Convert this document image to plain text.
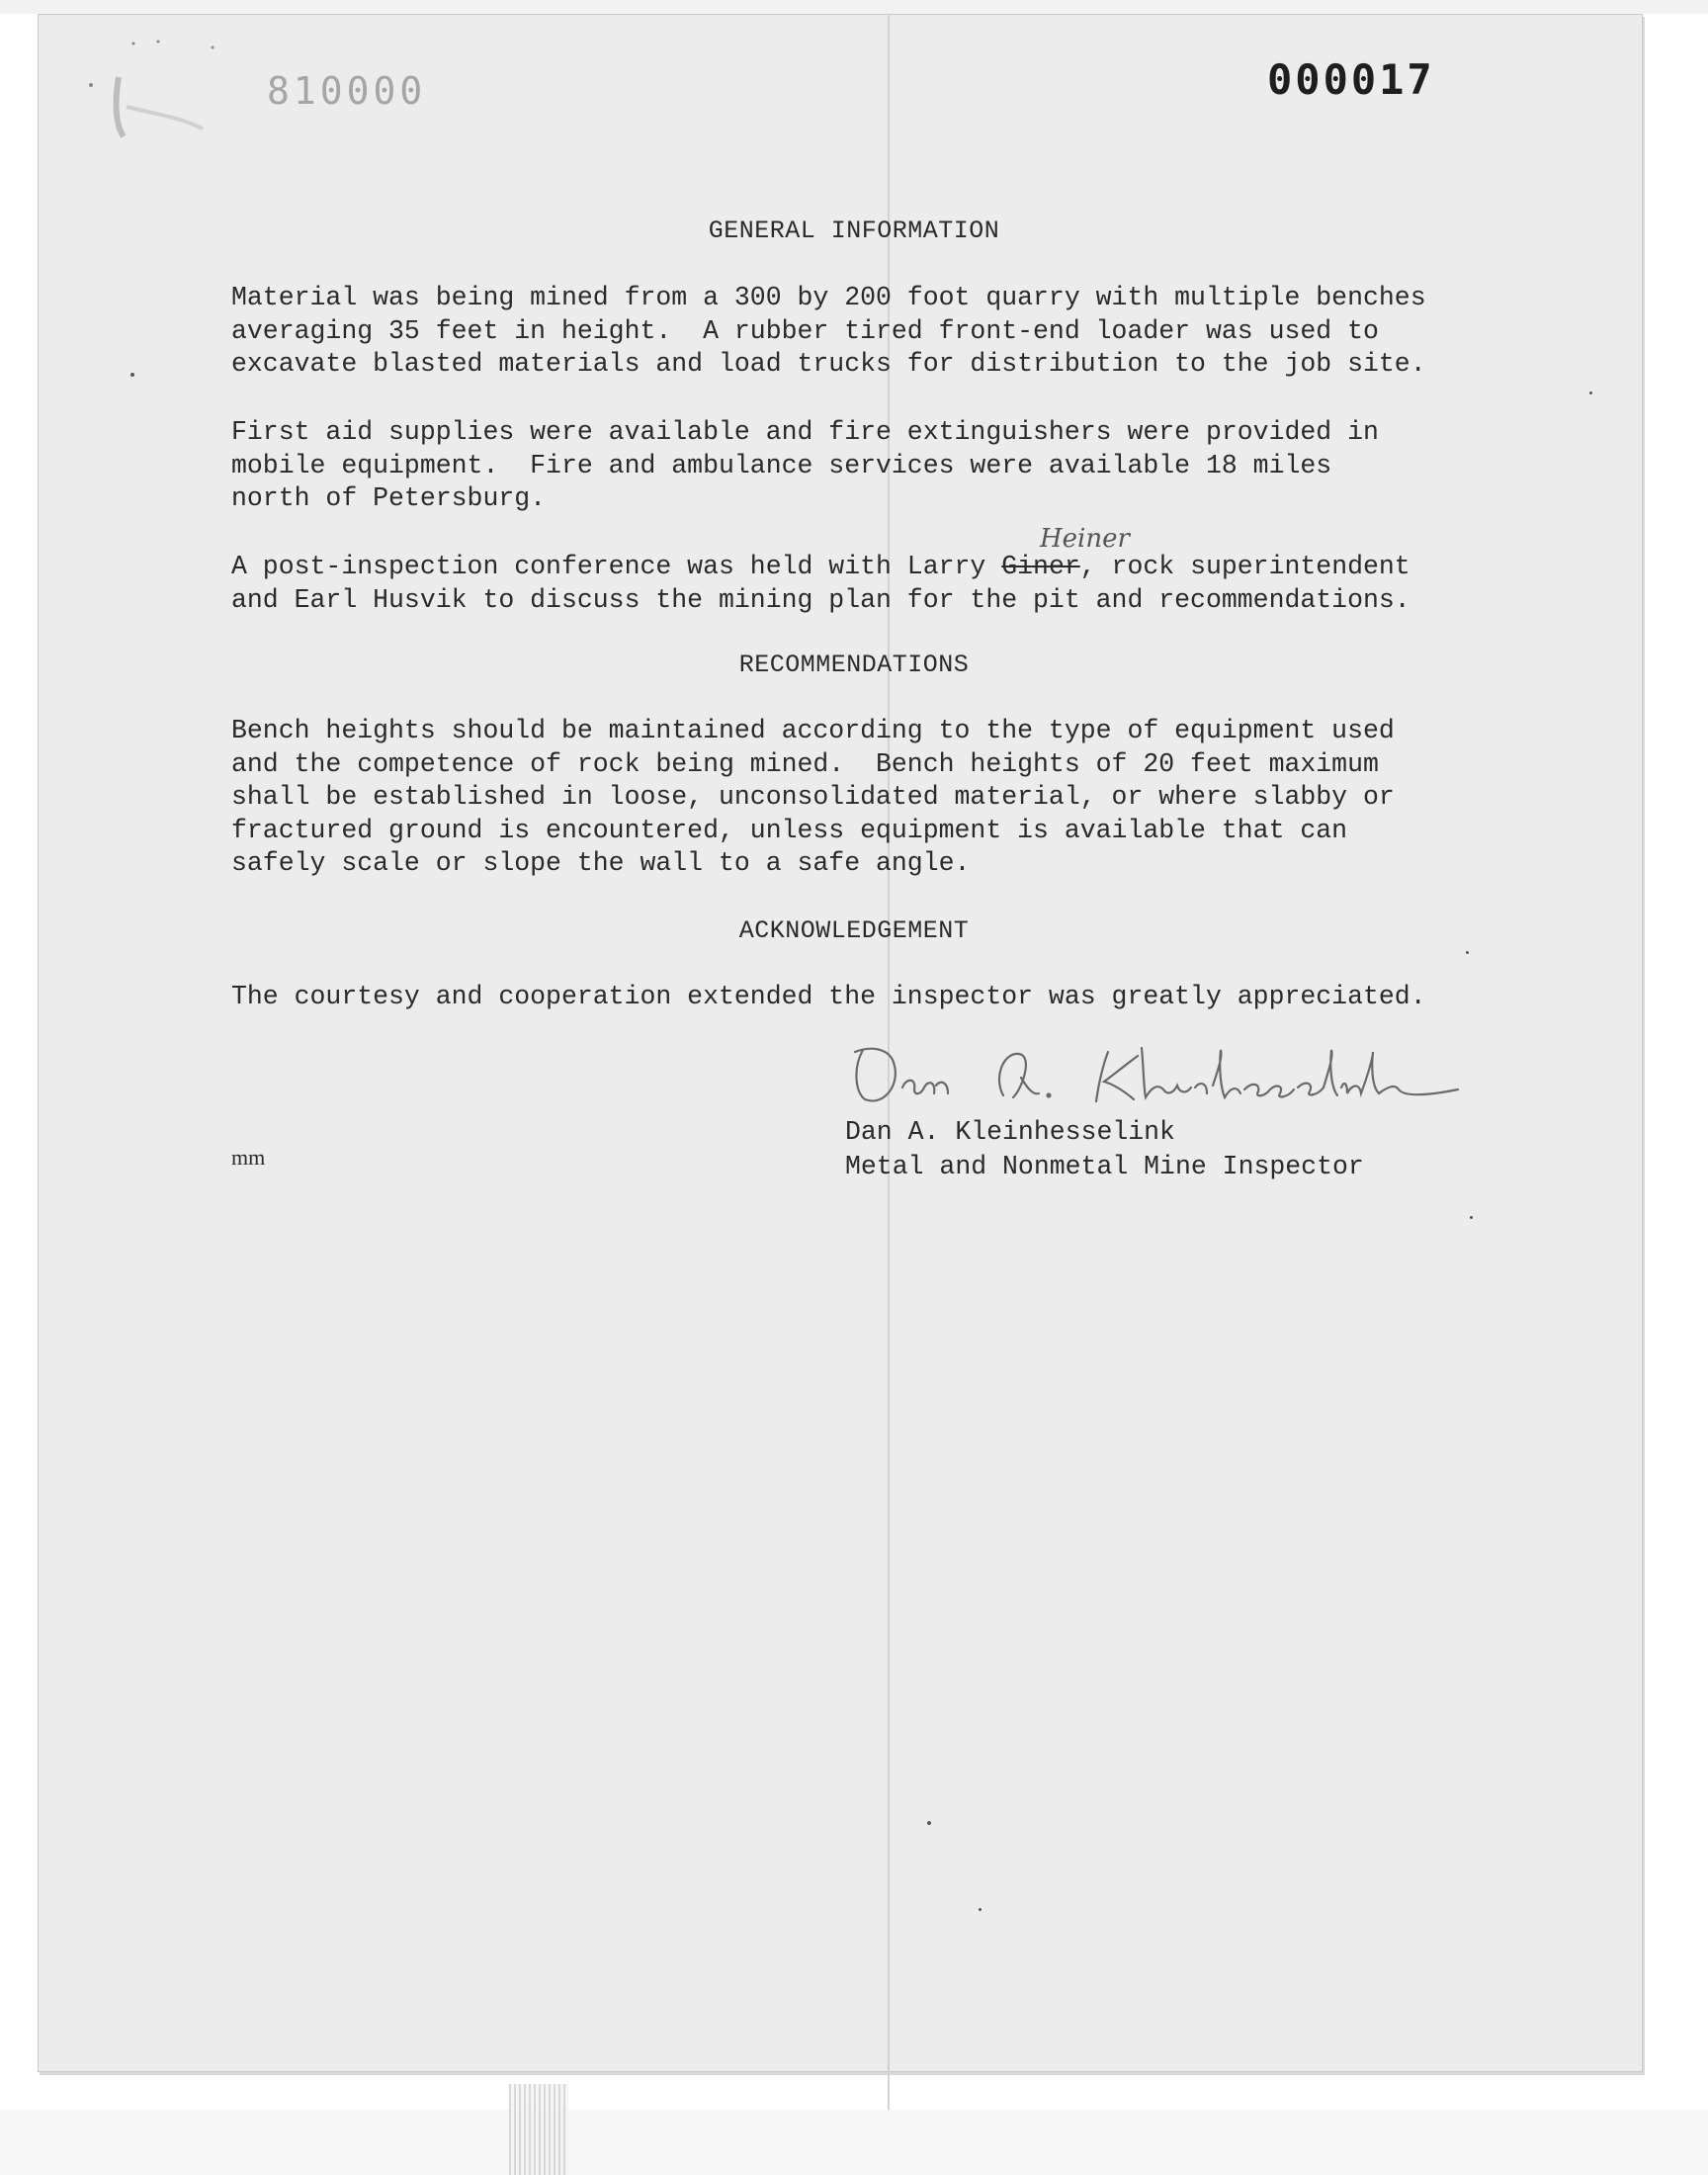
810000	000017
GENERAL INFORMATION
Material was being mined from a 300 by 200 foot quarry with multiple benches
averaging 35 feet in height.  A rubber tired front-end loader was used to
excavate blasted materials and load trucks for distribution to the job site.
First aid supplies were available and fire extinguishers were provided in
mobile equipment.  Fire and ambulance services were available 18 miles
north of Petersburg.
Heiner
A post-inspection conference was held with Larry Giner, rock superintendent
and Earl Husvik to discuss the mining plan for the pit and recommendations.
RECOMMENDATIONS
Bench heights should be maintained according to the type of equipment used
and the competence of rock being mined.  Bench heights of 20 feet maximum
shall be established in loose, unconsolidated material, or where slabby or
fractured ground is encountered, unless equipment is available that can
safely scale or slope the wall to a safe angle.
ACKNOWLEDGEMENT
The courtesy and cooperation extended the inspector was greatly appreciated.
Dan A. Kleinhesselink
Metal and Nonmetal Mine Inspector
mm
